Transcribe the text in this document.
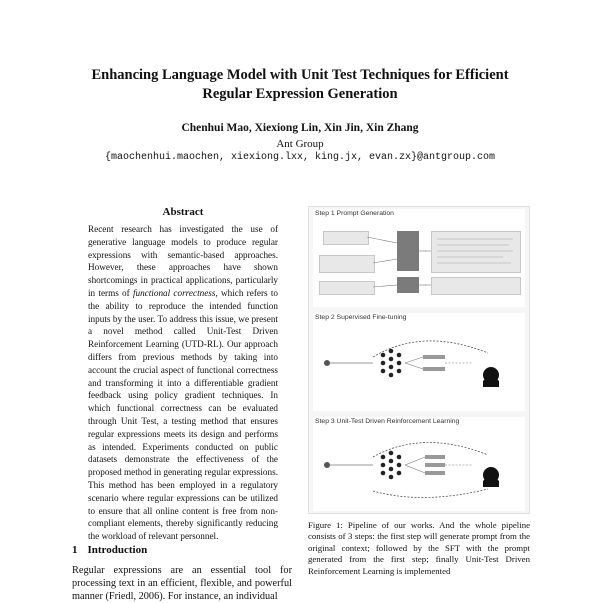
Enhancing Language Model with Unit Test Techniques for Efficient
Regular Expression Generation
Chenhui Mao, Xiexiong Lin, Xin Jin, Xin Zhang
Ant Group
{maochenhui.maochen, xiexiong.lxx, king.jx, evan.zx}@antgroup.com
Abstract
Recent research has investigated the use of generative language models to produce regular expressions with semantic-based approaches. However, these approaches have shown shortcomings in practical applications, particularly in terms of functional correctness, which refers to the ability to reproduce the intended function inputs by the user. To address this issue, we present a novel method called Unit-Test Driven Reinforcement Learning (UTD-RL). Our approach differs from previous methods by taking into account the crucial aspect of functional correctness and transforming it into a differentiable gradient feedback using policy gradient techniques. In which functional correctness can be evaluated through Unit Test, a testing method that ensures regular expressions meets its design and performs as intended. Experiments conducted on public datasets demonstrate the effectiveness of the proposed method in generating regular expressions. This method has been employed in a regulatory scenario where regular expressions can be utilized to ensure that all online content is free from non-compliant elements, thereby significantly reducing the workload of relevant personnel.
1 Introduction
Regular expressions are an essential tool for processing text in an efficient, flexible, and powerful manner (Friedl, 2006). For instance, an individual
Step 1 Prompt Generation
Step 2 Supervised Fine-tuning
Step 3 Unit-Test Driven Reinforcement Learning
Figure 1: Pipeline of our works. And the whole pipeline consists of 3 steps: the first step will generate prompt from the original context; followed by the SFT with the prompt generated from the first step; finally Unit-Test Driven Reinforcement Learning is implemented
